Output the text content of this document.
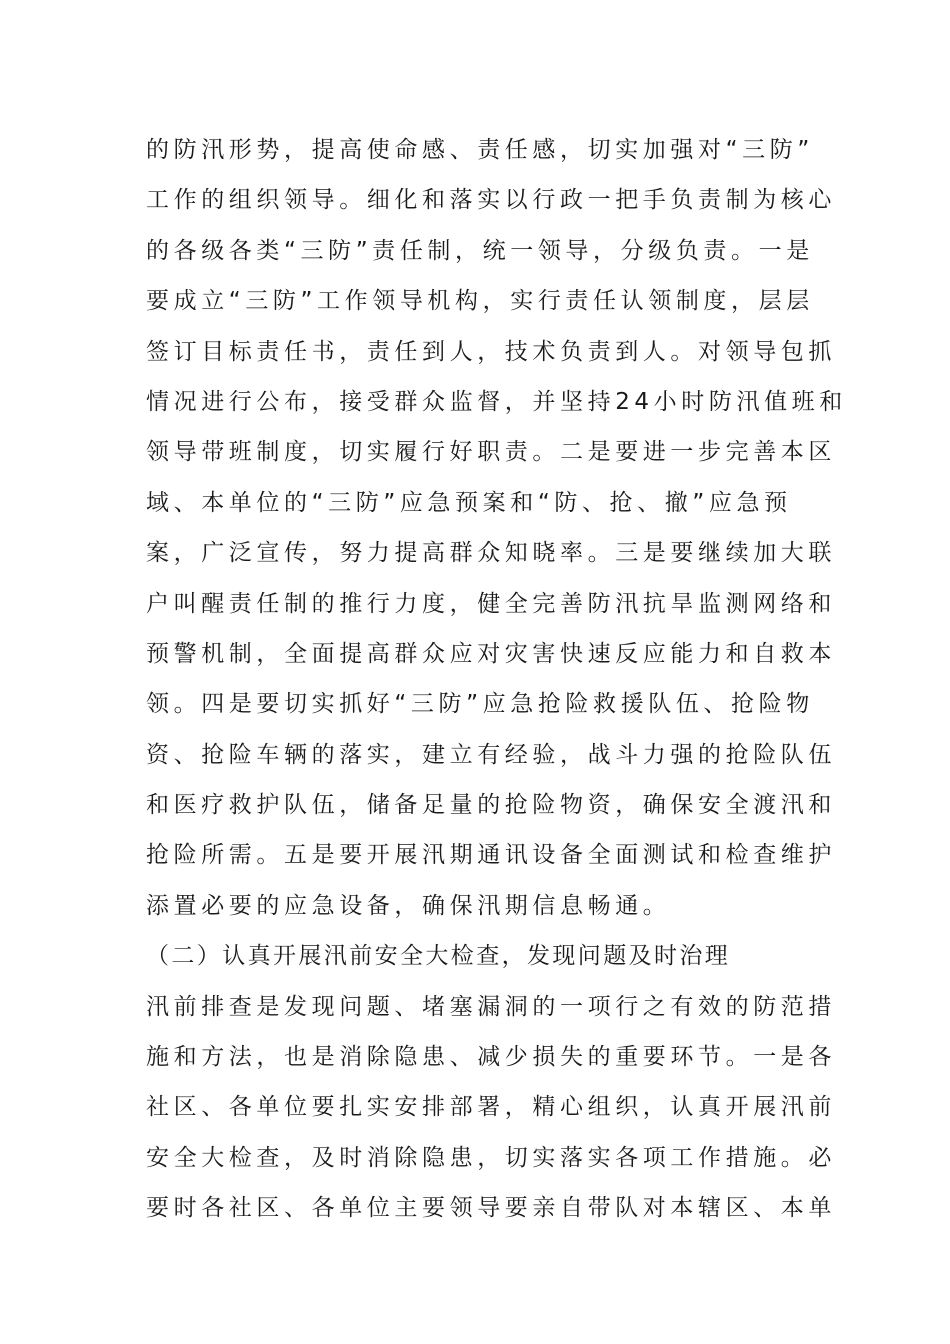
的防汛形势，提高使命感、责任感，切实加强对“三防”
工作的组织领导。细化和落实以行政一把手负责制为核心
的各级各类“三防”责任制，统一领导，分级负责。一是
要成立“三防”工作领导机构，实行责任认领制度，层层
签订目标责任书，责任到人，技术负责到人。对领导包抓
情况进行公布，接受群众监督，并坚持24小时防汛值班和
领导带班制度，切实履行好职责。二是要进一步完善本区
域、本单位的“三防”应急预案和“防、抢、撤”应急预
案，广泛宣传，努力提高群众知晓率。三是要继续加大联
户叫醒责任制的推行力度，健全完善防汛抗旱监测网络和
预警机制，全面提高群众应对灾害快速反应能力和自救本
领。四是要切实抓好“三防”应急抢险救援队伍、抢险物
资、抢险车辆的落实，建立有经验，战斗力强的抢险队伍
和医疗救护队伍，储备足量的抢险物资，确保安全渡汛和
抢险所需。五是要开展汛期通讯设备全面测试和检查维护
添置必要的应急设备，确保汛期信息畅通。
（二）认真开展汛前安全大检查，发现问题及时治理
汛前排查是发现问题、堵塞漏洞的一项行之有效的防范措
施和方法，也是消除隐患、减少损失的重要环节。一是各
社区、各单位要扎实安排部署，精心组织，认真开展汛前
安全大检查，及时消除隐患，切实落实各项工作措施。必
要时各社区、各单位主要领导要亲自带队对本辖区、本单
